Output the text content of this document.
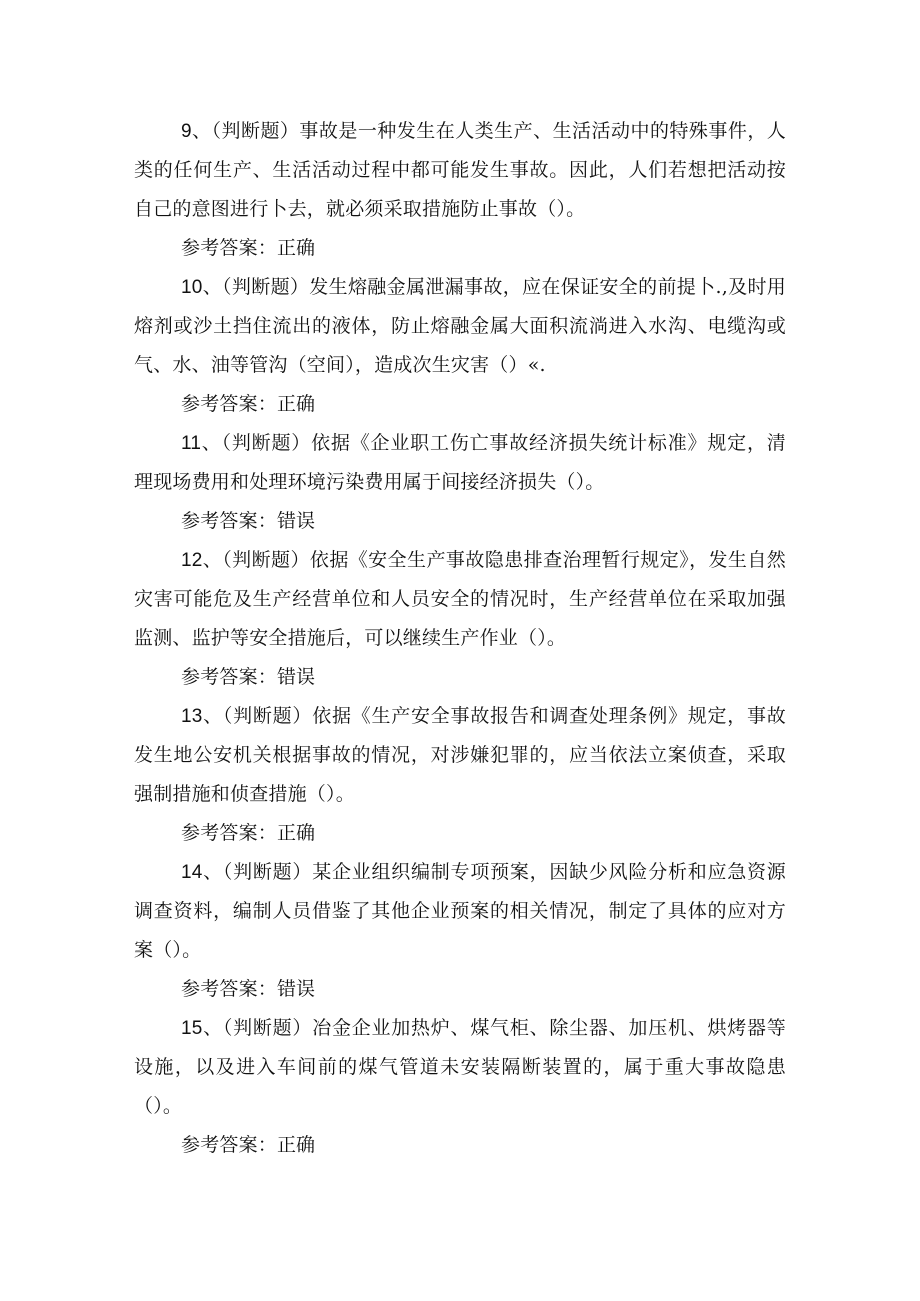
9、（判断题）事故是一种发生在人类生产、生活活动中的特殊事件，人类的任何生产、生活活动过程中都可能发生事故。因此，人们若想把活动按自己的意图进行卜去，就必须采取措施防止事故（）。

参考答案：正确

10、（判断题）发生熔融金属泄漏事故，应在保证安全的前提卜.,及时用熔剂或沙土挡住流出的液体，防止熔融金属大面积流淌进入水沟、电缆沟或气、水、油等管沟（空间），造成次生灾害（）«.

参考答案：正确

11、（判断题）依据《企业职工伤亡事故经济损失统计标准》规定，清理现场费用和处理环境污染费用属于间接经济损失（）。

参考答案：错误

12、（判断题）依据《安全生产事故隐患排查治理暂行规定》，发生自然灾害可能危及生产经营单位和人员安全的情况时，生产经营单位在采取加强监测、监护等安全措施后，可以继续生产作业（）。

参考答案：错误

13、（判断题）依据《生产安全事故报告和调查处理条例》规定，事故发生地公安机关根据事故的情况，对涉嫌犯罪的，应当依法立案侦查，采取强制措施和侦查措施（）。

参考答案：正确

14、（判断题）某企业组织编制专项预案，因缺少风险分析和应急资源调查资料，编制人员借鉴了其他企业预案的相关情况，制定了具体的应对方案（）。

参考答案：错误

15、（判断题）冶金企业加热炉、煤气柜、除尘器、加压机、烘烤器等设施，以及进入车间前的煤气管道未安装隔断装置的，属于重大事故隐患（）。

参考答案：正确
